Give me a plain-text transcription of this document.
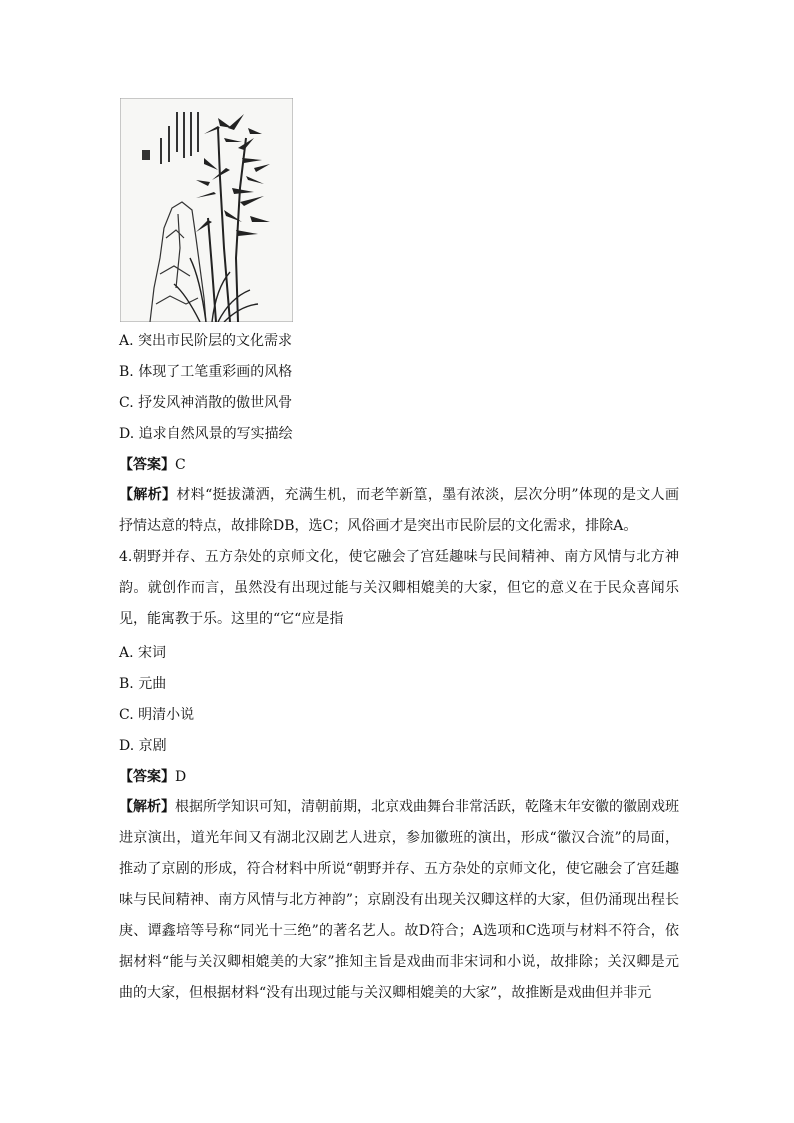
A. 突出市民阶层的文化需求
B. 体现了工笔重彩画的风格
C. 抒发风神消散的傲世风骨
D. 追求自然风景的写实描绘
【答案】C
【解析】材料“挺拔潇洒，充满生机，而老竿新篁，墨有浓淡，层次分明”体现的是文人画抒情达意的特点，故排除DB，选C；风俗画才是突出市民阶层的文化需求，排除A。
4.朝野并存、五方杂处的京师文化，使它融会了宫廷趣味与民间精神、南方风情与北方神韵。就创作而言，虽然没有出现过能与关汉卿相媲美的大家，但它的意义在于民众喜闻乐见，能寓教于乐。这里的“它“应是指
A. 宋词
B. 元曲
C. 明清小说
D. 京剧
【答案】D
【解析】根据所学知识可知，清朝前期，北京戏曲舞台非常活跃，乾隆末年安徽的徽剧戏班进京演出，道光年间又有湖北汉剧艺人进京，参加徽班的演出，形成“徽汉合流”的局面，推动了京剧的形成，符合材料中所说“朝野并存、五方杂处的京师文化，使它融会了宫廷趣味与民间精神、南方风情与北方神韵”；京剧没有出现关汉卿这样的大家，但仍涌现出程长庚、谭鑫培等号称“同光十三绝”的著名艺人。故D符合；A选项和C选项与材料不符合，依据材料“能与关汉卿相媲美的大家”推知主旨是戏曲而非宋词和小说，故排除；关汉卿是元曲的大家，但根据材料“没有出现过能与关汉卿相媲美的大家”，故推断是戏曲但并非元
